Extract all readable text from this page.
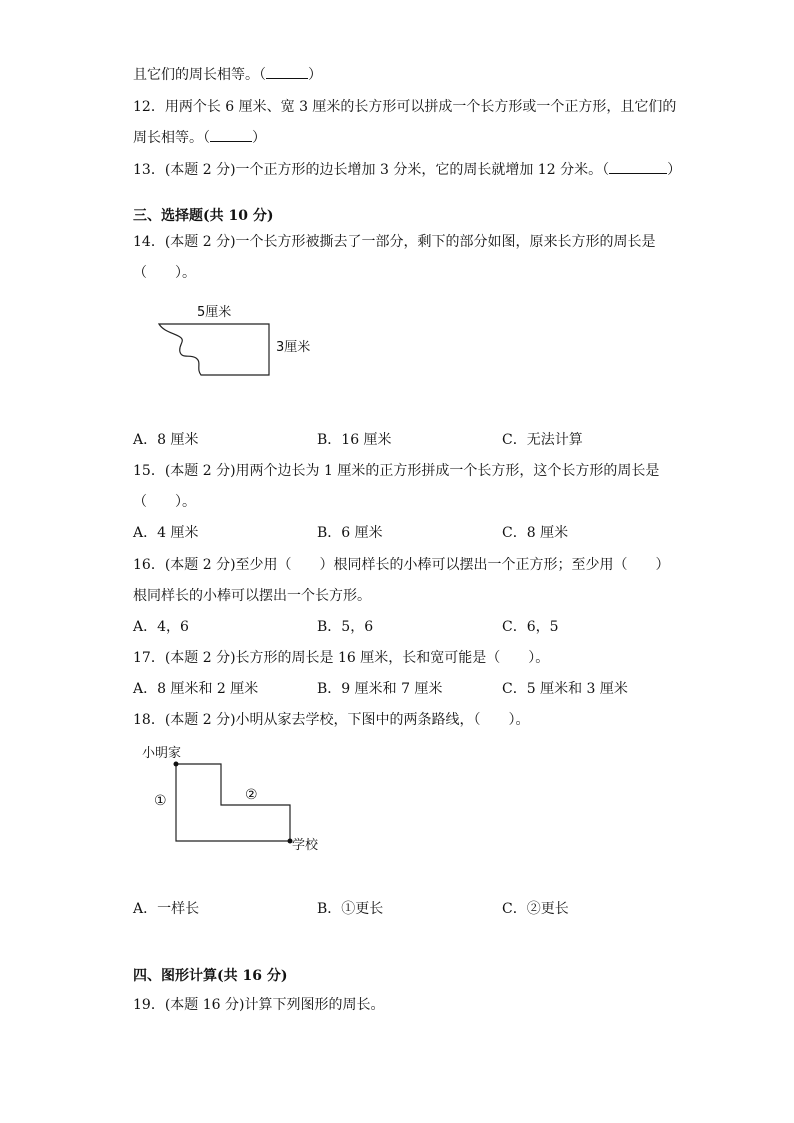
且它们的周长相等。（	）
12．用两个长 6 厘米、宽 3 厘米的长方形可以拼成一个长方形或一个正方形，且它们的
周长相等。（	）
13．(本题 2 分)一个正方形的边长增加 3 分米，它的周长就增加 12 分米。（	）
三、选择题(共 10 分)
14．(本题 2 分)一个长方形被撕去了一部分，剩下的部分如图，原来长方形的周长是
（　　）。
5厘米
3厘米
A．8 厘米	B．16 厘米	C．无法计算
15．(本题 2 分)用两个边长为 1 厘米的正方形拼成一个长方形，这个长方形的周长是
（　　）。
A．4 厘米	B．6 厘米	C．8 厘米
16．(本题 2 分)至少用（　　）根同样长的小棒可以摆出一个正方形；至少用（　　）
根同样长的小棒可以摆出一个长方形。
A．4，6	B．5，6	C．6，5
17．(本题 2 分)长方形的周长是 16 厘米，长和宽可能是（　　）。
A．8 厘米和 2 厘米	B．9 厘米和 7 厘米	C．5 厘米和 3 厘米
18．(本题 2 分)小明从家去学校，下图中的两条路线，（　　）。
小明家
学校
①	②
A．一样长	B．①更长	C．②更长
四、图形计算(共 16 分)
19．(本题 16 分)计算下列图形的周长。
